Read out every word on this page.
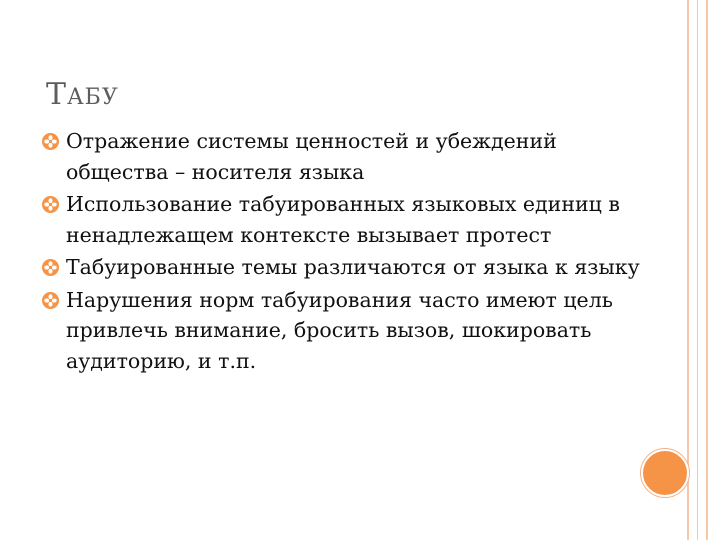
ТАБУ
Отражение системы ценностей и убеждений общества – носителя языка
Использование табуированных языковых единиц в ненадлежащем контексте вызывает протест
Табуированные темы различаются от языка к языку
Нарушения норм табуирования часто имеют цель привлечь внимание, бросить вызов, шокировать аудиторию, и т.п.
